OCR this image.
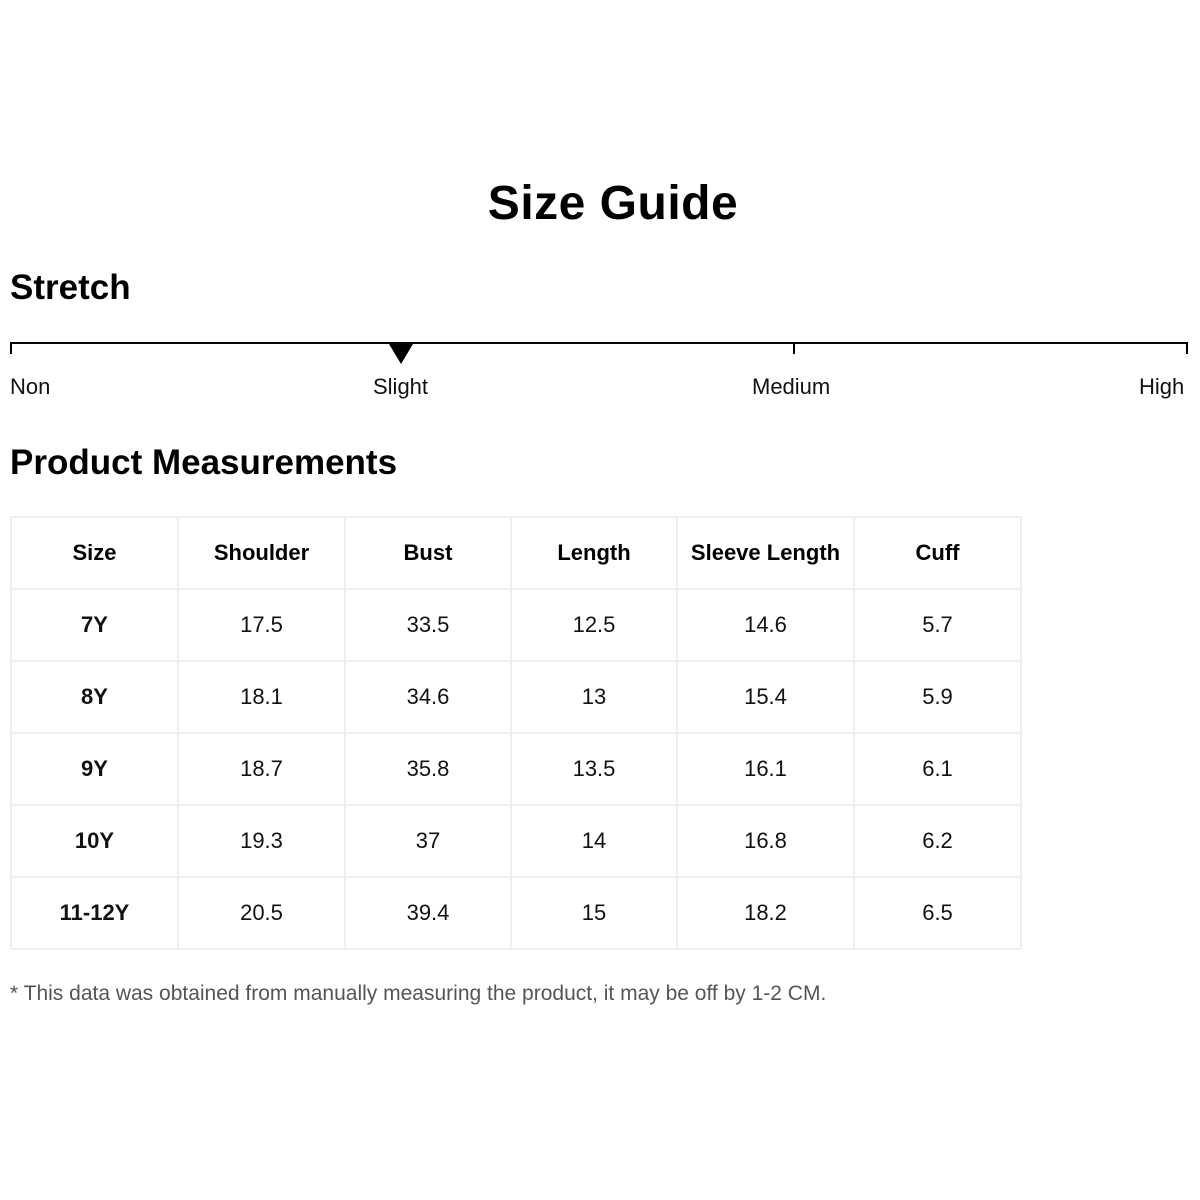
Size Guide
Stretch
Non	Slight	Medium	High
Product Measurements
Size	Shoulder	Bust	Length	Sleeve Length	Cuff
7Y	17.5	33.5	12.5	14.6	5.7
8Y	18.1	34.6	13	15.4	5.9
9Y	18.7	35.8	13.5	16.1	6.1
10Y	19.3	37	14	16.8	6.2
11-12Y	20.5	39.4	15	18.2	6.5
* This data was obtained from manually measuring the product, it may be off by 1-2 CM.
